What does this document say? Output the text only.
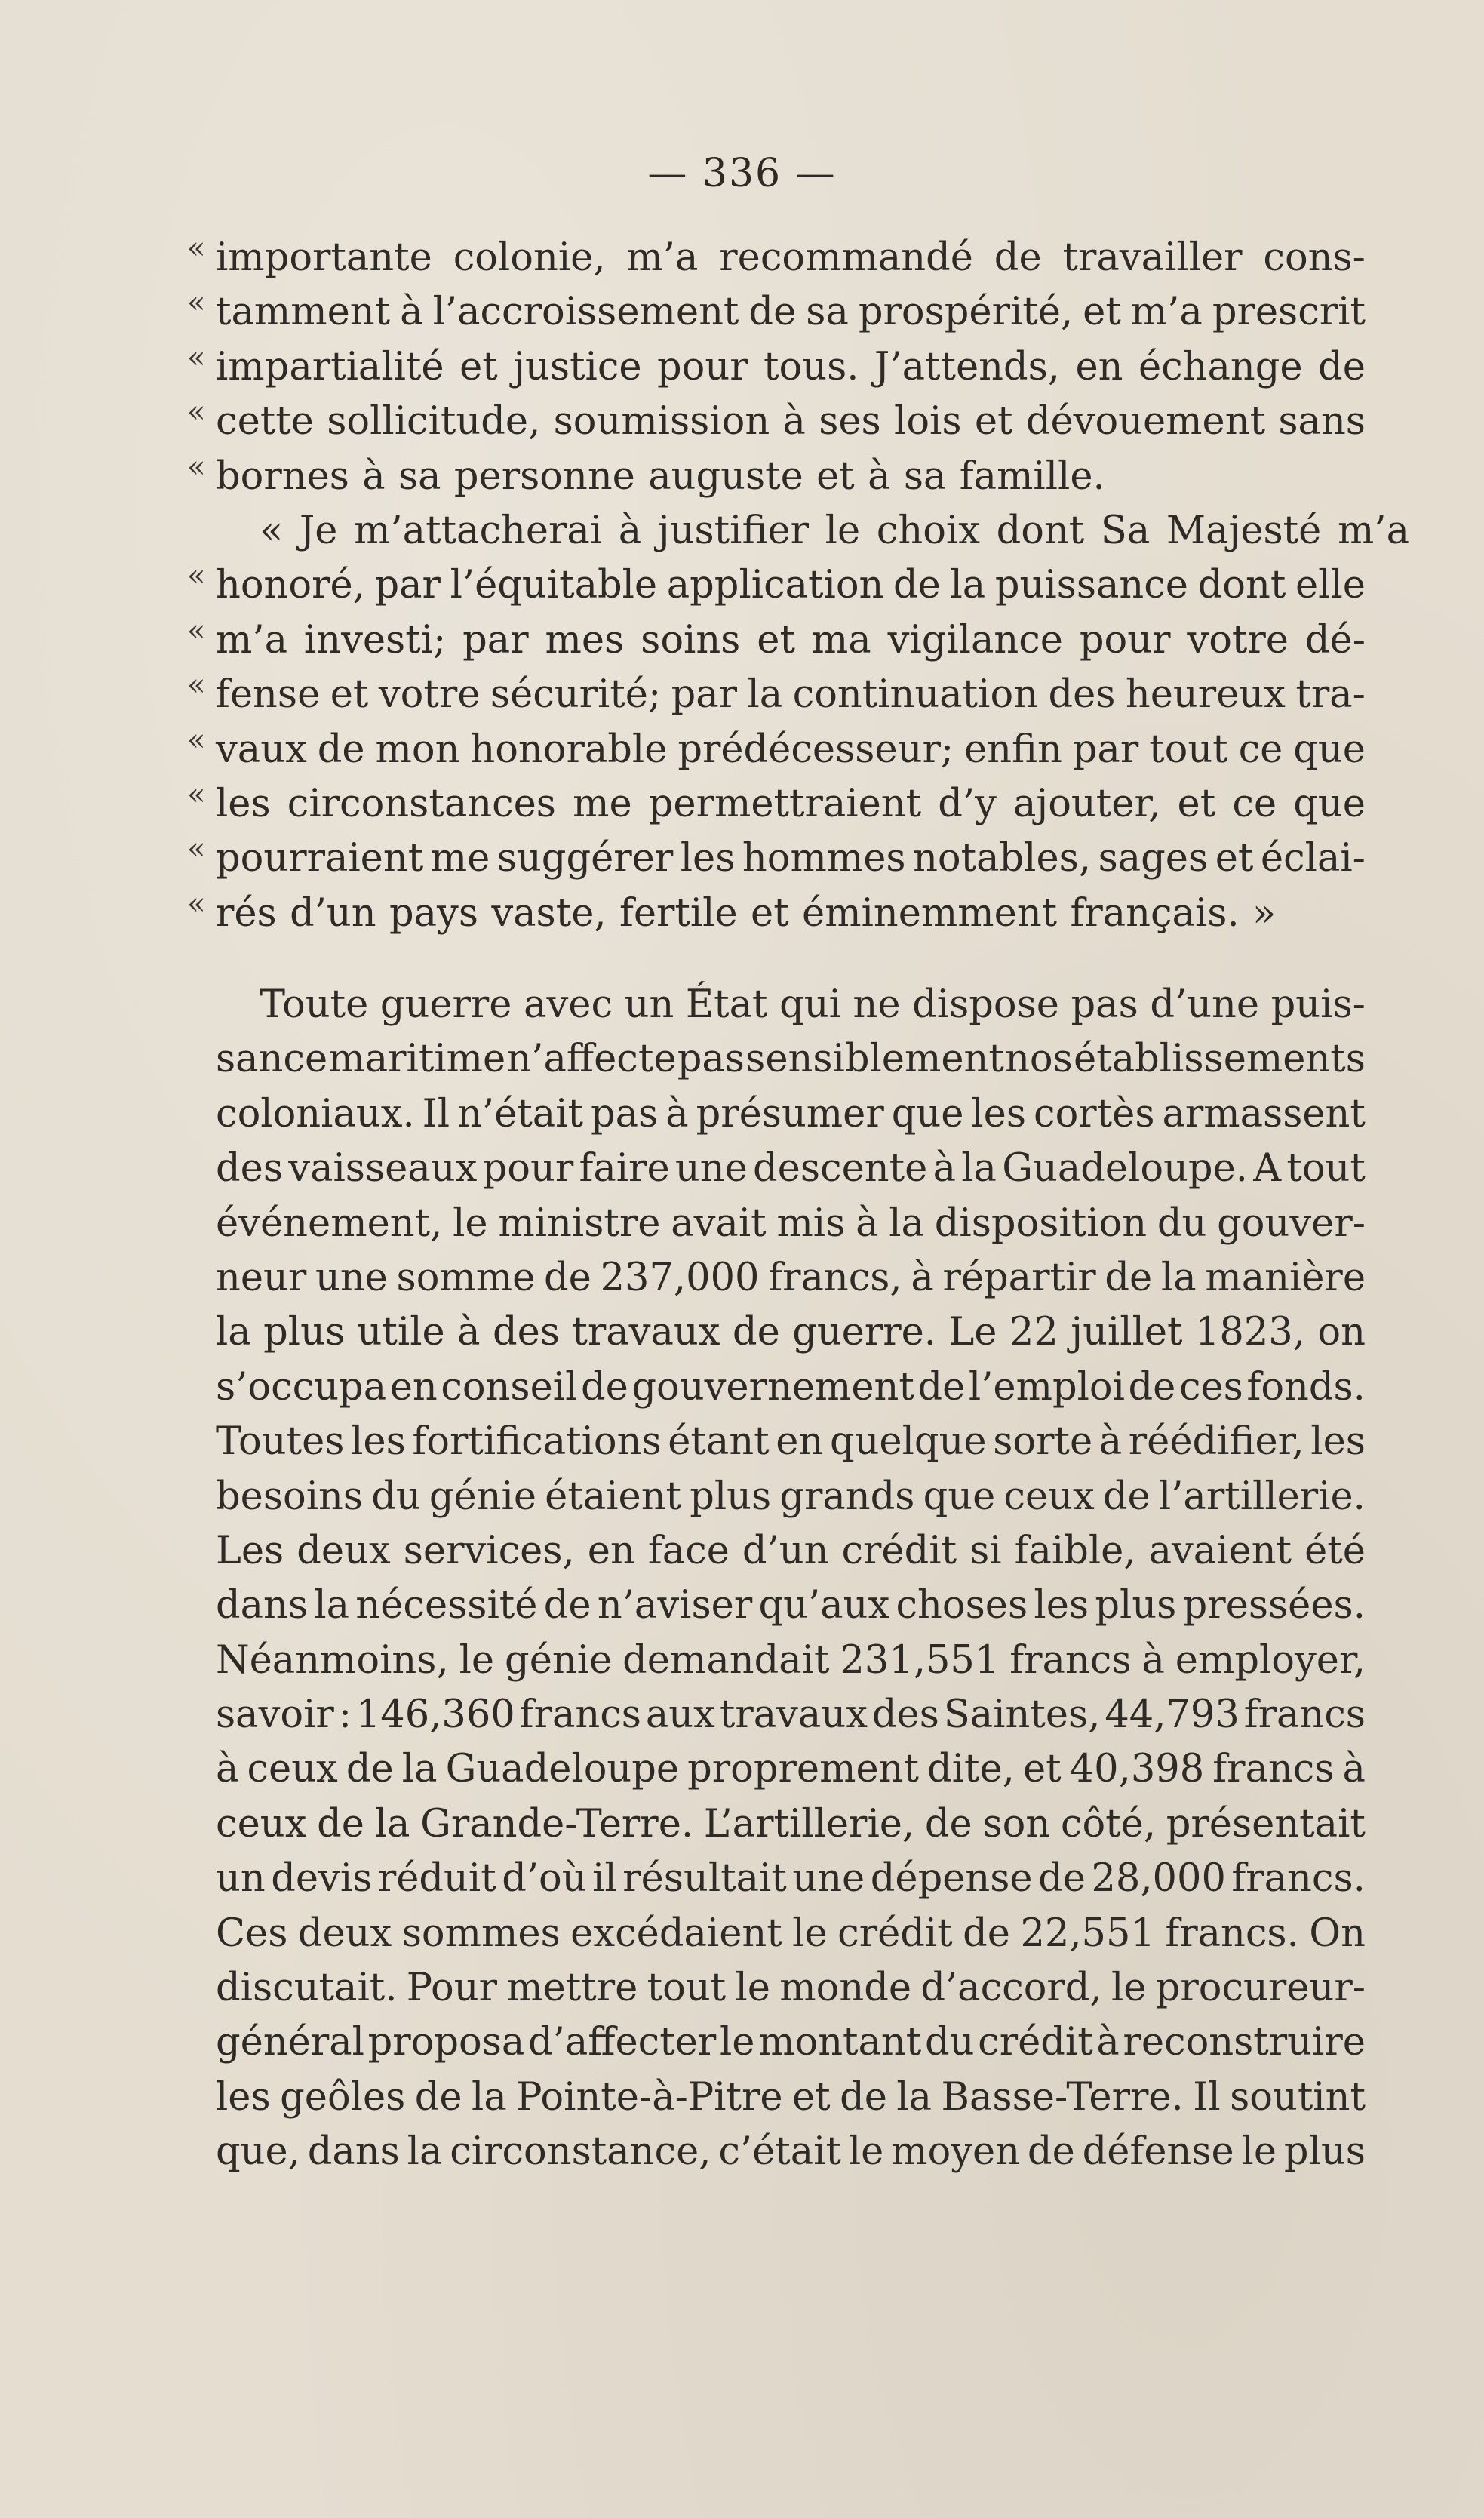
— 336 —
« importante colonie, m’a recommandé de travailler cons-
« tamment à l’accroissement de sa prospérité, et m’a prescrit
« impartialité et justice pour tous. J’attends, en échange de
« cette sollicitude, soumission à ses lois et dévouement sans
« bornes à sa personne auguste et à sa famille.
« Je m’attacherai à justifier le choix dont Sa Majesté m’a
« honoré, par l’équitable application de la puissance dont elle
« m’a investi; par mes soins et ma vigilance pour votre dé-
« fense et votre sécurité; par la continuation des heureux tra-
« vaux de mon honorable prédécesseur; enfin par tout ce que
« les circonstances me permettraient d’y ajouter, et ce que
« pourraient me suggérer les hommes notables, sages et éclai-
« rés d’un pays vaste, fertile et éminemment français. »
Toute guerre avec un État qui ne dispose pas d’une puis-
sance maritime n’affecte pas sensiblement nos établissements
coloniaux. Il n’était pas à présumer que les cortès armassent
des vaisseaux pour faire une descente à la Guadeloupe. A tout
événement, le ministre avait mis à la disposition du gouver-
neur une somme de 237,000 francs, à répartir de la manière
la plus utile à des travaux de guerre. Le 22 juillet 1823, on
s’occupa en conseil de gouvernement de l’emploi de ces fonds.
Toutes les fortifications étant en quelque sorte à réédifier, les
besoins du génie étaient plus grands que ceux de l’artillerie.
Les deux services, en face d’un crédit si faible, avaient été
dans la nécessité de n’aviser qu’aux choses les plus pressées.
Néanmoins, le génie demandait 231,551 francs à employer,
savoir : 146,360 francs aux travaux des Saintes, 44,793 francs
à ceux de la Guadeloupe proprement dite, et 40,398 francs à
ceux de la Grande-Terre. L’artillerie, de son côté, présentait
un devis réduit d’où il résultait une dépense de 28,000 francs.
Ces deux sommes excédaient le crédit de 22,551 francs. On
discutait. Pour mettre tout le monde d’accord, le procureur-
général proposa d’affecter le montant du crédit à reconstruire
les geôles de la Pointe-à-Pitre et de la Basse-Terre. Il soutint
que, dans la circonstance, c’était le moyen de défense le plus
